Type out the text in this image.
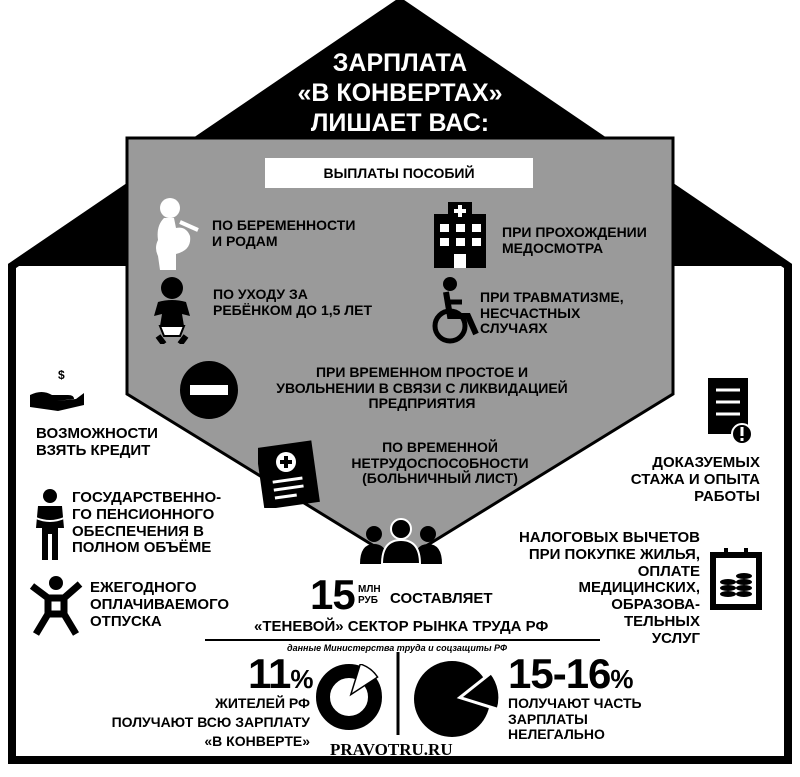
ЗАРПЛАТА
«В КОНВЕРТАХ»
ЛИШАЕТ ВАС:
ВЫПЛАТЫ ПОСОБИЙ
ПО БЕРЕМЕННОСТИ
И РОДАМ
ПРИ ПРОХОЖДЕНИИ
МЕДОСМОТРА
ПО УХОДУ ЗА
РЕБЁНКОМ ДО 1,5 ЛЕТ
ПРИ ТРАВМАТИЗМЕ,
НЕСЧАСТНЫХ
СЛУЧАЯХ
ПРИ ВРЕМЕННОМ ПРОСТОЕ И
УВОЛЬНЕНИИ В СВЯЗИ С ЛИКВИДАЦИЕЙ
ПРЕДПРИЯТИЯ
ПО ВРЕМЕННОЙ
НЕТРУДОСПОСОБНОСТИ
(БОЛЬНИЧНЫЙ ЛИСТ)
$
ВОЗМОЖНОСТИ
ВЗЯТЬ КРЕДИТ
ГОСУДАРСТВЕННО-
ГО ПЕНСИОННОГО
ОБЕСПЕЧЕНИЯ В
ПОЛНОМ ОБЪЁМЕ
ЕЖЕГОДНОГО
ОПЛАЧИВАЕМОГО
ОТПУСКА
ДОКАЗУЕМЫХ
СТАЖА И ОПЫТА
РАБОТЫ
НАЛОГОВЫХ ВЫЧЕТОВ
ПРИ ПОКУПКЕ ЖИЛЬЯ,
ОПЛАТЕ
МЕДИЦИНСКИХ,
ОБРАЗОВА-
ТЕЛЬНЫХ
УСЛУГ
15 МЛН
РУБ СОСТАВЛЯЕТ
«ТЕНЕВОЙ» СЕКТОР РЫНКА ТРУДА РФ
данные Министерства труда и соцзащиты РФ
11%
ЖИТЕЛЕЙ РФ
ПОЛУЧАЮТ ВСЮ ЗАРПЛАТУ
«В КОНВЕРТЕ»
15-16%
ПОЛУЧАЮТ ЧАСТЬ
ЗАРПЛАТЫ
НЕЛЕГАЛЬНО
PRAVOTRU.RU
